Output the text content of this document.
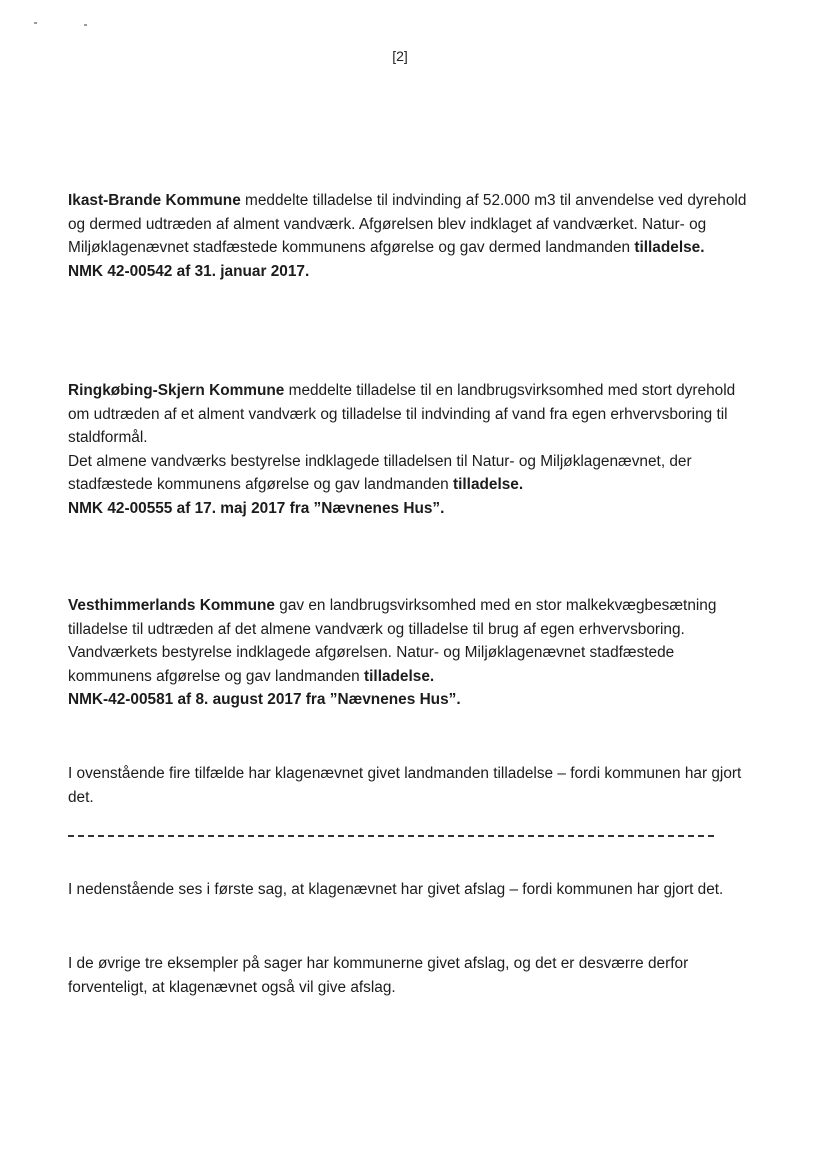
[2]

Ikast-Brande Kommune meddelte tilladelse til indvinding af 52.000 m3 til anvendelse ved dyrehold og dermed udtræden af alment vandværk. Afgørelsen blev indklaget af vandværket. Natur- og Miljøklagenævnet stadfæstede kommunens afgørelse og gav dermed landmanden tilladelse.

NMK 42-00542 af 31. januar 2017.

Ringkøbing-Skjern Kommune meddelte tilladelse til en landbrugsvirksomhed med stort dyrehold om udtræden af et alment vandværk og tilladelse til indvinding af vand fra egen erhvervsboring til staldformål.

Det almene vandværks bestyrelse indklagede tilladelsen til Natur- og Miljøklagenævnet, der stadfæstede kommunens afgørelse og gav landmanden tilladelse.

NMK 42-00555 af 17. maj 2017 fra ”Nævnenes Hus”.

Vesthimmerlands Kommune gav en landbrugsvirksomhed med en stor malkekvægbesætning tilladelse til udtræden af det almene vandværk og tilladelse til brug af egen erhvervsboring.

Vandværkets bestyrelse indklagede afgørelsen. Natur- og Miljøklagenævnet stadfæstede kommunens afgørelse og gav landmanden tilladelse.

NMK-42-00581 af 8. august 2017 fra ”Nævnenes Hus”.

I ovenstående fire tilfælde har klagenævnet givet landmanden tilladelse – fordi kommunen har gjort det.

I nedenstående ses i første sag, at klagenævnet har givet afslag – fordi kommunen har gjort det.

I de øvrige tre eksempler på sager har kommunerne givet afslag, og det er desværre derfor forventeligt, at klagenævnet også vil give afslag.
